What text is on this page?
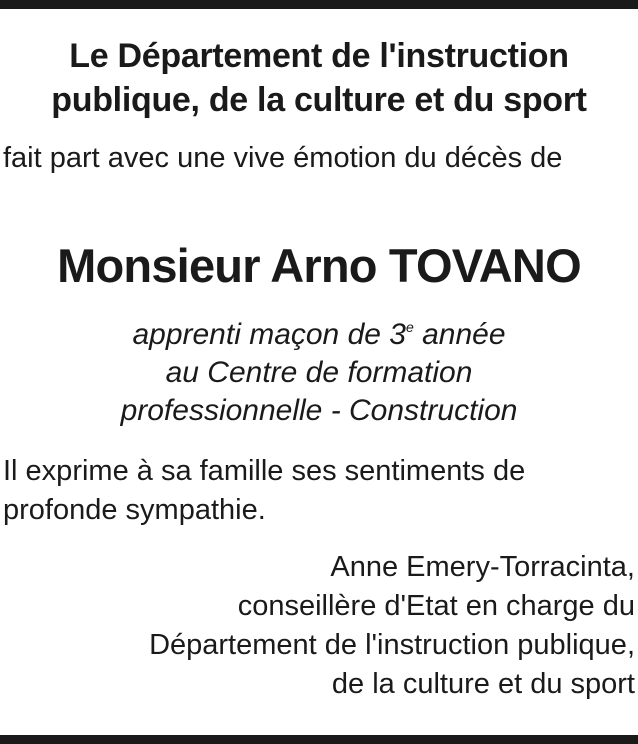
Le Département de l'instruction
publique, de la culture et du sport
fait part avec une vive émotion du décès de
Monsieur Arno TOVANO
apprenti maçon de 3e année
au Centre de formation
professionnelle - Construction
Il exprime à sa famille ses sentiments de profonde sympathie.
Anne Emery-Torracinta,
conseillère d'Etat en charge du
Département de l'instruction publique,
de la culture et du sport
